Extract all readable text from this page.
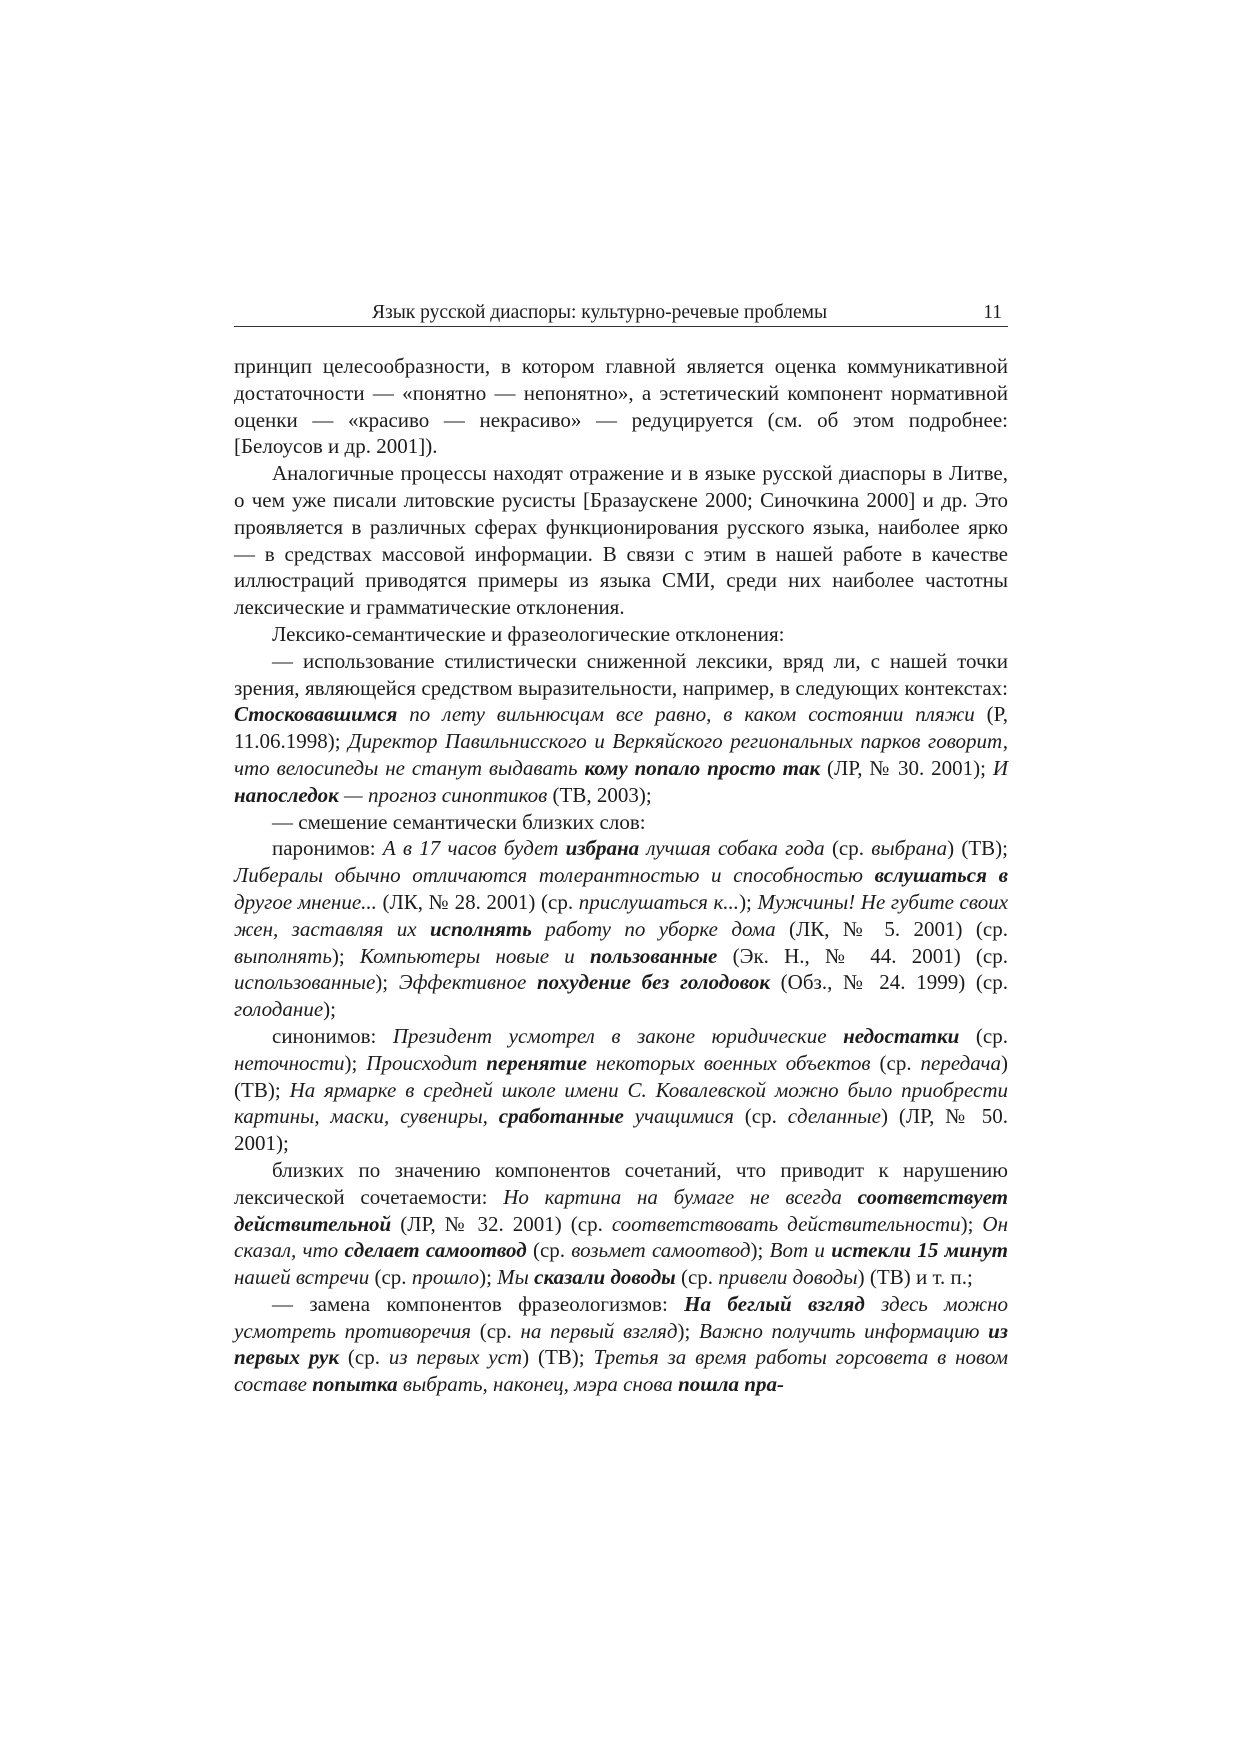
Язык русской диаспоры: культурно-речевые проблемы	11

принцип целесообразности, в котором главной является оценка коммуникативной достаточности — «понятно — непонятно», а эстетический компонент нормативной оценки — «красиво — некрасиво» — редуцируется (см. об этом подробнее: [Белоусов и др. 2001]).

Аналогичные процессы находят отражение и в языке русской диаспоры в Литве, о чем уже писали литовские русисты [Бразаускене 2000; Синочкина 2000] и др. Это проявляется в различных сферах функционирования русского языка, наиболее ярко — в средствах массовой информации. В связи с этим в нашей работе в качестве иллюстраций приводятся примеры из языка СМИ, среди них наиболее частотны лексические и грамматические отклонения.

Лексико-семантические и фразеологические отклонения:

— использование стилистически сниженной лексики, вряд ли, с нашей точки зрения, являющейся средством выразительности, например, в следующих контекстах: Стосковавшимся по лету вильнюсцам все равно, в каком состоянии пляжи (Р, 11.06.1998); Директор Павильнисского и Веркяйского региональных парков говорит, что велосипеды не станут выдавать кому попало просто так (ЛР, № 30. 2001); И напоследок — прогноз синоптиков (ТВ, 2003);

— смешение семантически близких слов:

паронимов: А в 17 часов будет избрана лучшая собака года (ср. выбрана) (ТВ); Либералы обычно отличаются толерантностью и способностью вслушаться в другое мнение... (ЛК, № 28. 2001) (ср. прислушаться к...); Мужчины! Не губите своих жен, заставляя их исполнять работу по уборке дома (ЛК, № 5. 2001) (ср. выполнять); Компьютеры новые и пользованные (Эк. Н., № 44. 2001) (ср. использованные); Эффективное похудение без голодовок (Обз., № 24. 1999) (ср. голодание);

синонимов: Президент усмотрел в законе юридические недостатки (ср. неточности); Происходит перенятие некоторых военных объектов (ср. передача) (ТВ); На ярмарке в средней школе имени С. Ковалевской можно было приобрести картины, маски, сувениры, сработанные учащимися (ср. сделанные) (ЛР, № 50. 2001);

близких по значению компонентов сочетаний, что приводит к нарушению лексической сочетаемости: Но картина на бумаге не всегда соответствует действительной (ЛР, № 32. 2001) (ср. соответствовать действительности); Он сказал, что сделает самоотвод (ср. возьмет самоотвод); Вот и истекли 15 минут нашей встречи (ср. прошло); Мы сказали доводы (ср. привели доводы) (ТВ) и т. п.;

— замена компонентов фразеологизмов: На беглый взгляд здесь можно усмотреть противоречия (ср. на первый взгляд); Важно получить информацию из первых рук (ср. из первых уст) (ТВ); Третья за время работы горсовета в новом составе попытка выбрать, наконец, мэра снова пошла пра-
